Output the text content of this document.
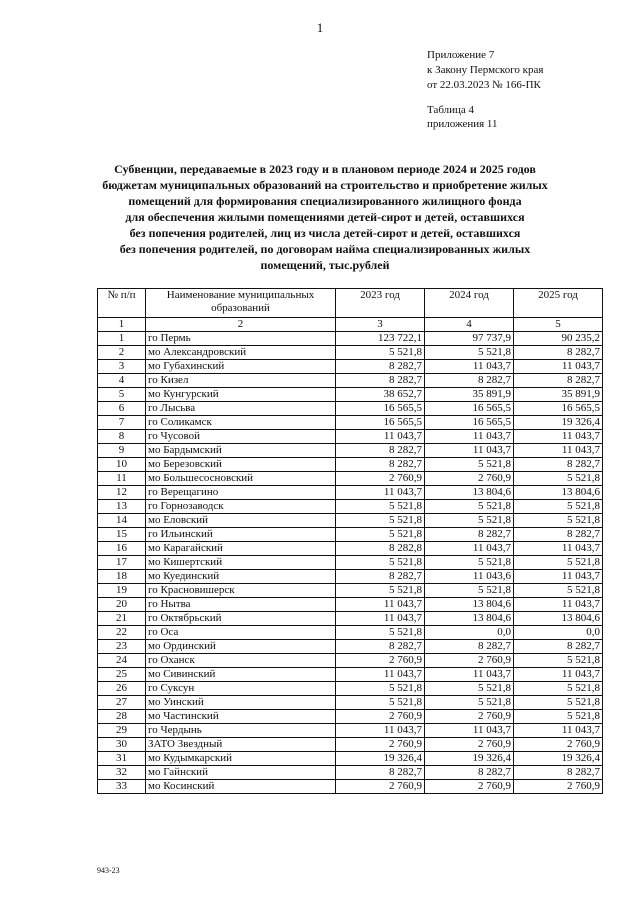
1
Приложение 7
к Закону Пермского края
от 22.03.2023 № 166-ПК
Таблица 4
приложения 11
Субвенции, передаваемые в 2023 году и в плановом периоде 2024 и 2025 годов
бюджетам муниципальных образований на строительство и приобретение жилых
помещений для формирования специализированного жилищного фонда
для обеспечения жилыми помещениями детей-сирот и детей, оставшихся
без попечения родителей, лиц из числа детей-сирот и детей, оставшихся
без попечения родителей, по договорам найма специализированных жилых
помещений, тыс.рублей
№ п/п	Наименование муниципальных образований	2023 год	2024 год	2025 год
1	2	3	4	5
1	го Пермь	123 722,1	97 737,9	90 235,2
2	мо Александровский	5 521,8	5 521,8	8 282,7
3	мо Губахинский	8 282,7	11 043,7	11 043,7
4	го Кизел	8 282,7	8 282,7	8 282,7
5	мо Кунгурский	38 652,7	35 891,9	35 891,9
6	го Лысьва	16 565,5	16 565,5	16 565,5
7	го Соликамск	16 565,5	16 565,5	19 326,4
8	го Чусовой	11 043,7	11 043,7	11 043,7
9	мо Бардымский	8 282,7	11 043,7	11 043,7
10	мо Березовский	8 282,7	5 521,8	8 282,7
11	мо Большесосновский	2 760,9	2 760,9	5 521,8
12	го Верещагино	11 043,7	13 804,6	13 804,6
13	го Горнозаводск	5 521,8	5 521,8	5 521,8
14	мо Еловский	5 521,8	5 521,8	5 521,8
15	го Ильинский	5 521,8	8 282,7	8 282,7
16	мо Карагайский	8 282,8	11 043,7	11 043,7
17	мо Кишертский	5 521,8	5 521,8	5 521,8
18	мо Куединский	8 282,7	11 043,6	11 043,7
19	го Красновишерск	5 521,8	5 521,8	5 521,8
20	го Нытва	11 043,7	13 804,6	11 043,7
21	го Октябрьский	11 043,7	13 804,6	13 804,6
22	го Оса	5 521,8	0,0	0,0
23	мо Ординский	8 282,7	8 282,7	8 282,7
24	го Оханск	2 760,9	2 760,9	5 521,8
25	мо Сивинский	11 043,7	11 043,7	11 043,7
26	го Суксун	5 521,8	5 521,8	5 521,8
27	мо Уинский	5 521,8	5 521,8	5 521,8
28	мо Частинский	2 760,9	2 760,9	5 521,8
29	го Чердынь	11 043,7	11 043,7	11 043,7
30	ЗАТО Звездный	2 760,9	2 760,9	2 760,9
31	мо Кудымкарский	19 326,4	19 326,4	19 326,4
32	мо Гайнский	8 282,7	8 282,7	8 282,7
33	мо Косинский	2 760,9	2 760,9	2 760,9
943-23
